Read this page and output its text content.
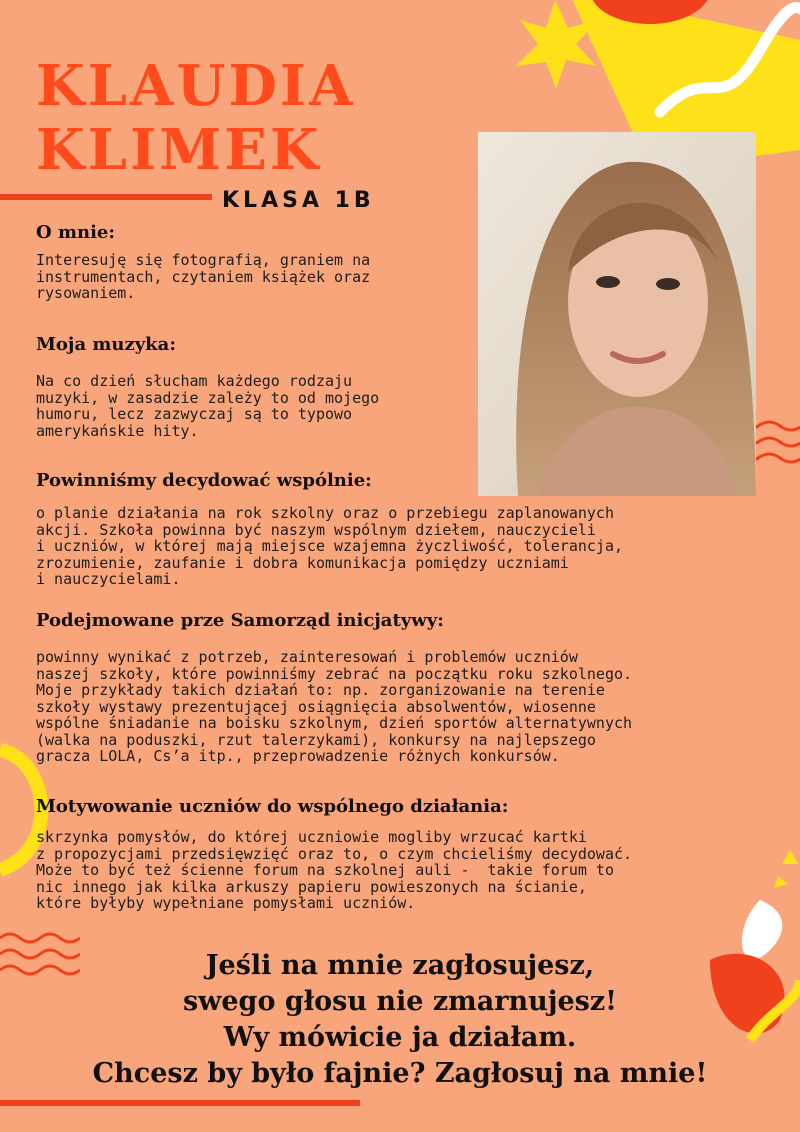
KLAUDIA
KLIMEK
KLASA 1B
O mnie:
Interesuję się fotografią, graniem na
instrumentach, czytaniem książek oraz
rysowaniem.
Moja muzyka:
Na co dzień słucham każdego rodzaju
muzyki, w zasadzie zależy to od mojego
humoru, lecz zazwyczaj są to typowo
amerykańskie hity.
Powinniśmy decydować wspólnie:
o planie działania na rok szkolny oraz o przebiegu zaplanowanych
akcji. Szkoła powinna być naszym wspólnym dziełem, nauczycieli
i uczniów, w której mają miejsce wzajemna życzliwość, tolerancja,
zrozumienie, zaufanie i dobra komunikacja pomiędzy uczniami
i nauczycielami.
Podejmowane prze Samorząd inicjatywy:
powinny wynikać z potrzeb, zainteresowań i problemów uczniów
naszej szkoły, które powinniśmy zebrać na początku roku szkolnego.
Moje przykłady takich działań to: np. zorganizowanie na terenie
szkoły wystawy prezentującej osiągnięcia absolwentów, wiosenne
wspólne śniadanie na boisku szkolnym, dzień sportów alternatywnych
(walka na poduszki, rzut talerzykami), konkursy na najlepszego
gracza LOLA, Cs’a itp., przeprowadzenie różnych konkursów.
Motywowanie uczniów do wspólnego działania:
skrzynka pomysłów, do której uczniowie mogliby wrzucać kartki
z propozycjami przedsięwzięć oraz to, o czym chcieliśmy decydować.
Może to być też ścienne forum na szkolnej auli -  takie forum to
nic innego jak kilka arkuszy papieru powieszonych na ścianie,
które byłyby wypełniane pomysłami uczniów.
Jeśli na mnie zagłosujesz,
swego głosu nie zmarnujesz!
Wy mówicie ja działam.
Chcesz by było fajnie? Zagłosuj na mnie!
